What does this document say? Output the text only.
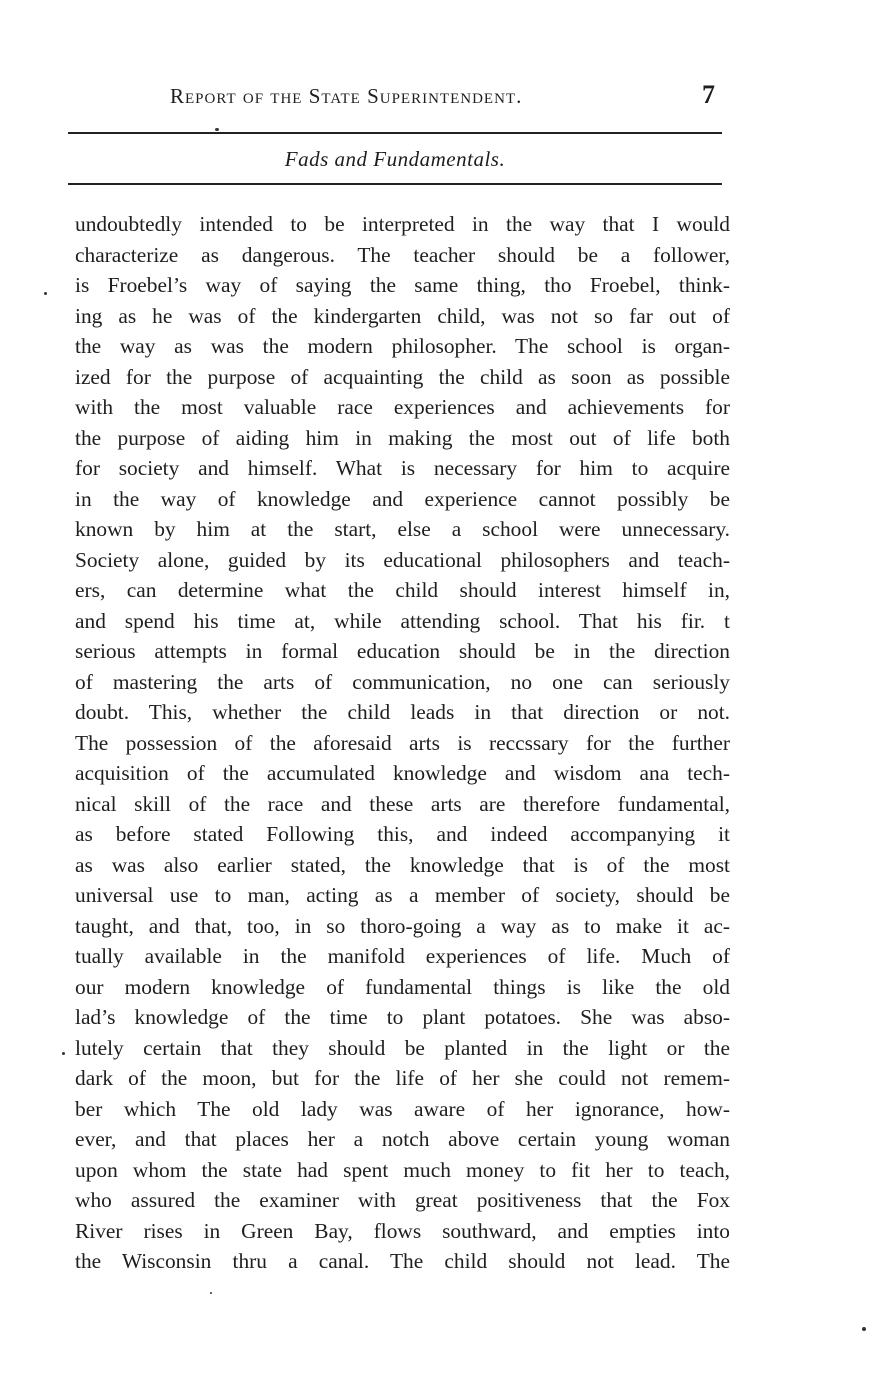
Report of the State Superintendent.	7
Fads and Fundamentals.
undoubtedly intended to be interpreted in the way that I would
characterize as dangerous. The teacher should be a follower,
is Froebel’s way of saying the same thing, tho Froebel, think-
ing as he was of the kindergarten child, was not so far out of
the way as was the modern philosopher. The school is organ-
ized for the purpose of acquainting the child as soon as possible
with the most valuable race experiences and achievements for
the purpose of aiding him in making the most out of life both
for society and himself. What is necessary for him to acquire
in the way of knowledge and experience cannot possibly be
known by him at the start, else a school were unnecessary.
Society alone, guided by its educational philosophers and teach-
ers, can determine what the child should interest himself in,
and spend his time at, while attending school. That his fir. t
serious attempts in formal education should be in the direction
of mastering the arts of communication, no one can seriously
doubt. This, whether the child leads in that direction or not.
The possession of the aforesaid arts is reccssary for the further
acquisition of the accumulated knowledge and wisdom ana tech-
nical skill of the race and these arts are therefore fundamental,
as before stated Following this, and indeed accompanying it
as was also earlier stated, the knowledge that is of the most
universal use to man, acting as a member of society, should be
taught, and that, too, in so thoro-going a way as to make it ac-
tually available in the manifold experiences of life. Much of
our modern knowledge of fundamental things is like the old
lad’s knowledge of the time to plant potatoes. She was abso-
lutely certain that they should be planted in the light or the
dark of the moon, but for the life of her she could not remem-
ber which The old lady was aware of her ignorance, how-
ever, and that places her a notch above certain young woman
upon whom the state had spent much money to fit her to teach,
who assured the examiner with great positiveness that the Fox
River rises in Green Bay, flows southward, and empties into
the Wisconsin thru a canal. The child should not lead. The
